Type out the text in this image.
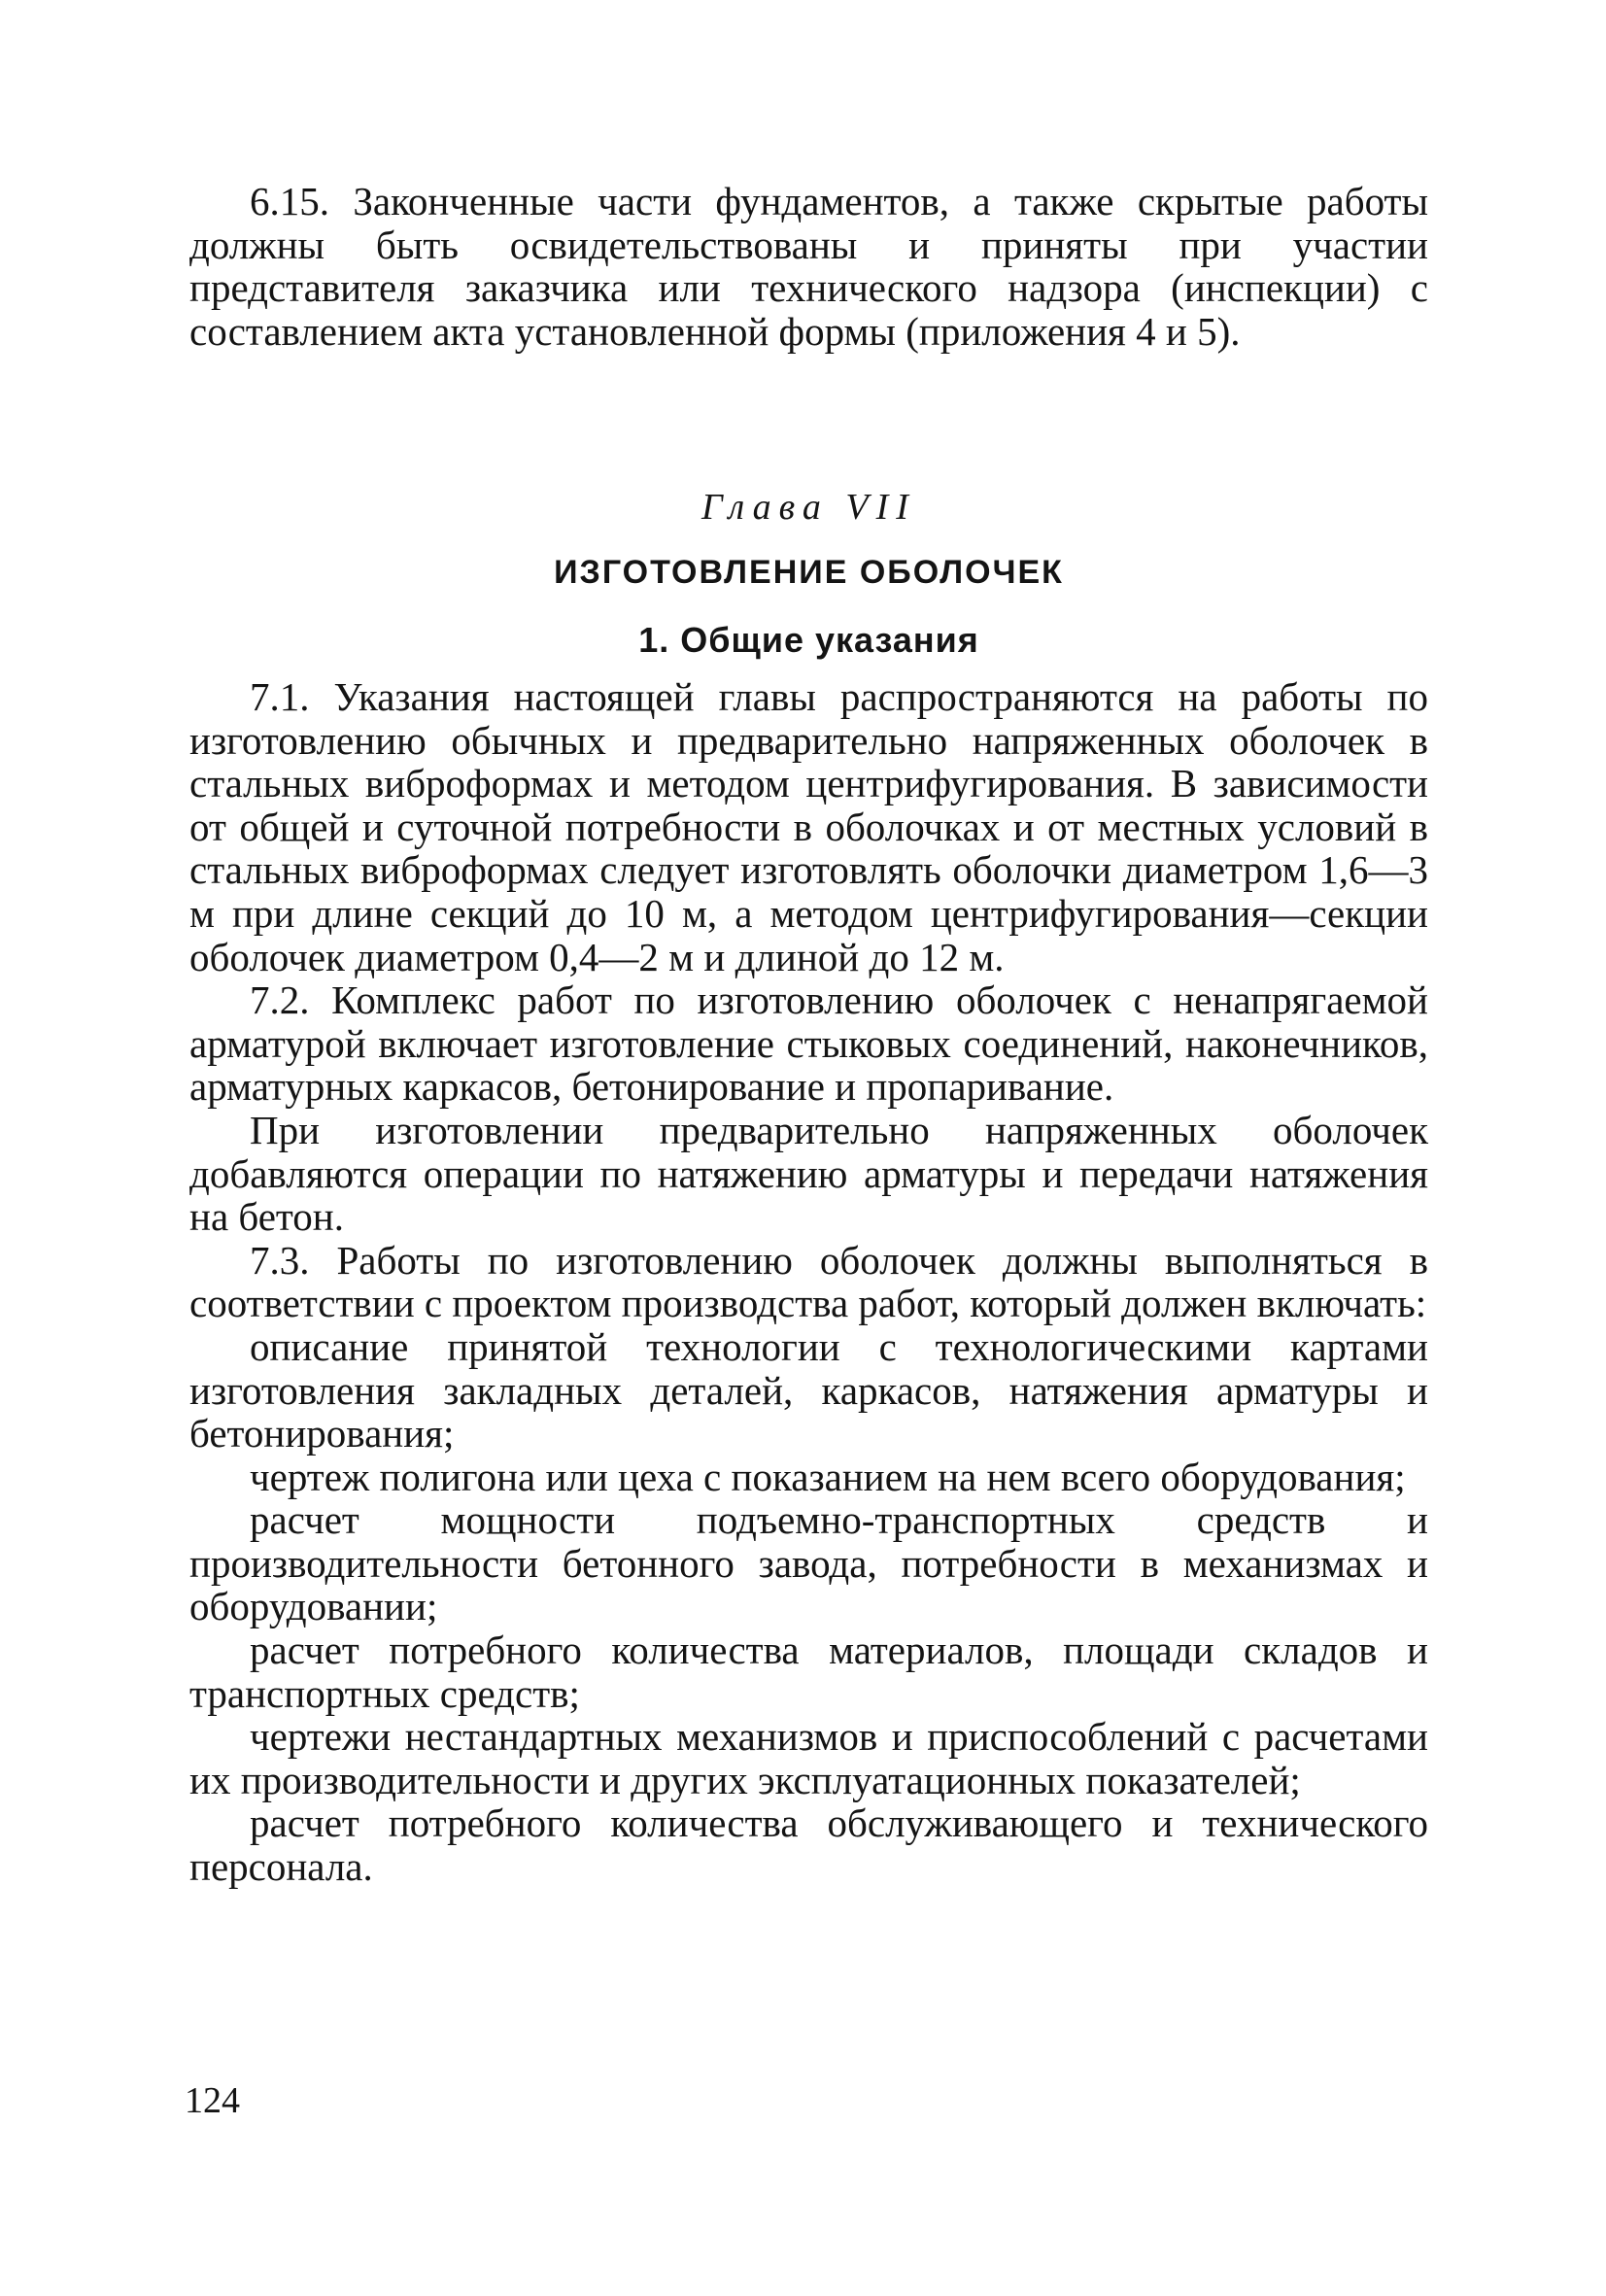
6.15. Законченные части фундаментов, а также скрытые работы должны быть освидетельствованы и приняты при участии представителя заказчика или технического надзора (инспекции) с составлением акта установленной формы (приложения 4 и 5).

Глава VII

ИЗГОТОВЛЕНИЕ ОБОЛОЧЕК

1. Общие указания

7.1. Указания настоящей главы распространяются на работы по изготовлению обычных и предварительно напряженных оболочек в стальных виброформах и методом центрифугирования. В зависимости от общей и суточной потребности в оболочках и от местных условий в стальных виброформах следует изготовлять оболочки диаметром 1,6—3 м при длине секций до 10 м, а методом центрифугирования—секции оболочек диаметром 0,4—2 м и длиной до 12 м.

7.2. Комплекс работ по изготовлению оболочек с ненапрягаемой арматурой включает изготовление стыковых соединений, наконечников, арматурных каркасов, бетонирование и пропаривание.

При изготовлении предварительно напряженных оболочек добавляются операции по натяжению арматуры и передачи натяжения на бетон.

7.3. Работы по изготовлению оболочек должны выполняться в соответствии с проектом производства работ, который должен включать:

описание принятой технологии с технологическими картами изготовления закладных деталей, каркасов, натяжения арматуры и бетонирования;

чертеж полигона или цеха с показанием на нем всего оборудования;

расчет мощности подъемно-транспортных средств и производительности бетонного завода, потребности в механизмах и оборудовании;

расчет потребного количества материалов, площади складов и транспортных средств;

чертежи нестандартных механизмов и приспособлений с расчетами их производительности и других эксплуатационных показателей;

расчет потребного количества обслуживающего и технического персонала.

124
